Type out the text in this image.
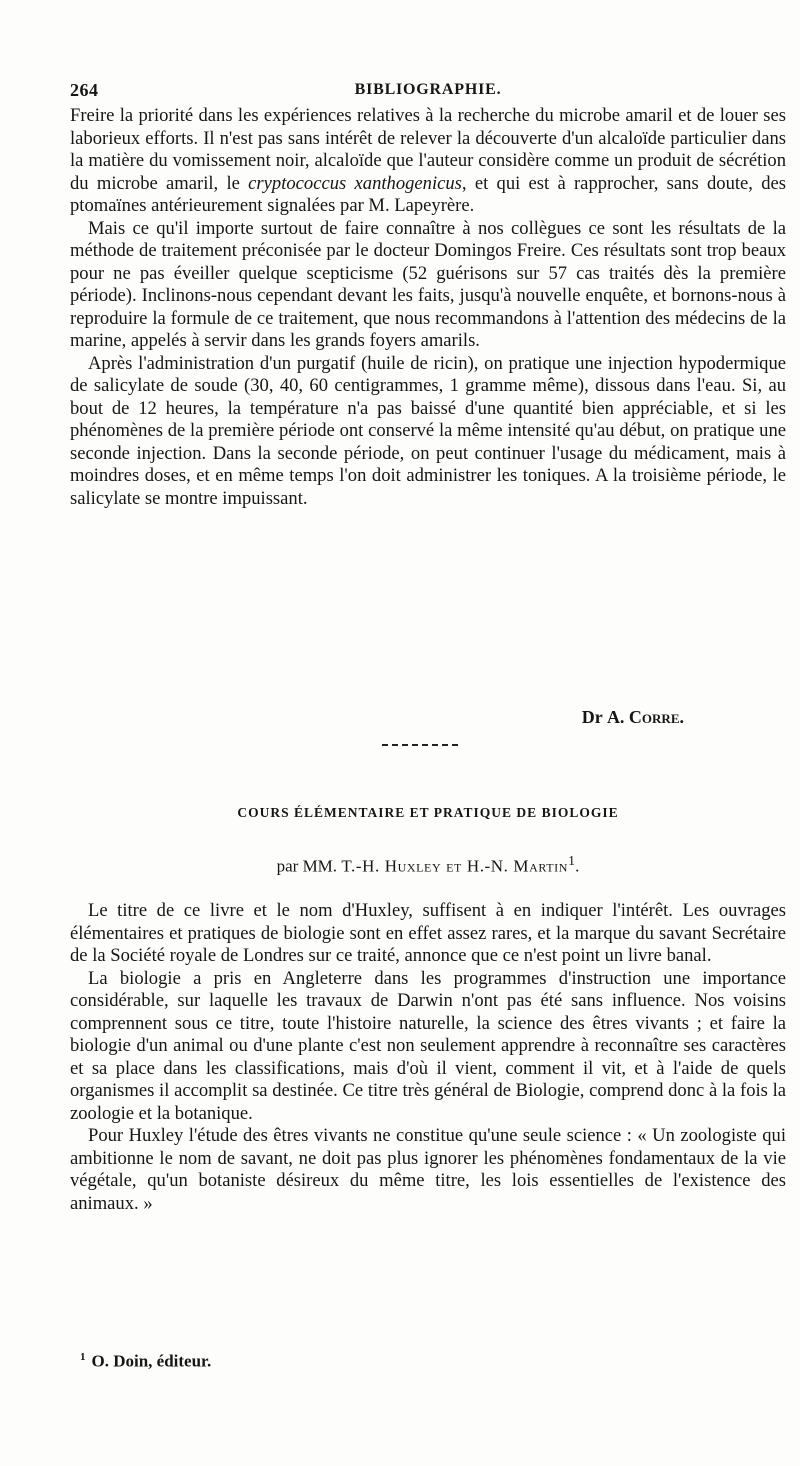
264	BIBLIOGRAPHIE.

Freire la priorité dans les expériences relatives à la recherche du microbe amaril et de louer ses laborieux efforts. Il n'est pas sans intérêt de relever la découverte d'un alcaloïde particulier dans la matière du vomissement noir, alcaloïde que l'auteur considère comme un produit de sécrétion du microbe amaril, le cryptococcus xanthogenicus, et qui est à rapprocher, sans doute, des ptomaïnes antérieurement signalées par M. Lapeyrère.

Mais ce qu'il importe surtout de faire connaître à nos collègues ce sont les résultats de la méthode de traitement préconisée par le docteur Domingos Freire. Ces résultats sont trop beaux pour ne pas éveiller quelque scepticisme (52 guérisons sur 57 cas traités dès la première période). Inclinons-nous cependant devant les faits, jusqu'à nouvelle enquête, et bornons-nous à reproduire la formule de ce traitement, que nous recommandons à l'attention des médecins de la marine, appelés à servir dans les grands foyers amarils.

Après l'administration d'un purgatif (huile de ricin), on pratique une injection hypodermique de salicylate de soude (30, 40, 60 centigrammes, 1 gramme même), dissous dans l'eau. Si, au bout de 12 heures, la température n'a pas baissé d'une quantité bien appréciable, et si les phénomènes de la première période ont conservé la même intensité qu'au début, on pratique une seconde injection. Dans la seconde période, on peut continuer l'usage du médicament, mais à moindres doses, et en même temps l'on doit administrer les toniques. A la troisième période, le salicylate se montre impuissant.

Dr A. Corre.
COURS ÉLÉMENTAIRE ET PRATIQUE DE BIOLOGIE
par MM. T.-H. Huxley et H.-N. Martin$^1$.

Le titre de ce livre et le nom d'Huxley, suffisent à en indiquer l'intérêt. Les ouvrages élémentaires et pratiques de biologie sont en effet assez rares, et la marque du savant Secrétaire de la Société royale de Londres sur ce traité, annonce que ce n'est point un livre banal.

La biologie a pris en Angleterre dans les programmes d'instruction une importance considérable, sur laquelle les travaux de Darwin n'ont pas été sans influence. Nos voisins comprennent sous ce titre, toute l'histoire naturelle, la science des êtres vivants ; et faire la biologie d'un animal ou d'une plante c'est non seulement apprendre à reconnaître ses caractères et sa place dans les classifications, mais d'où il vient, comment il vit, et à l'aide de quels organismes il accomplit sa destinée. Ce titre très général de Biologie, comprend donc à la fois la zoologie et la botanique.

Pour Huxley l'étude des êtres vivants ne constitue qu'une seule science : « Un zoologiste qui ambitionne le nom de savant, ne doit pas plus ignorer les phénomènes fondamentaux de la vie végétale, qu'un botaniste désireux du même titre, les lois essentielles de l'existence des animaux. »

$^1$ O. Doin, éditeur.
